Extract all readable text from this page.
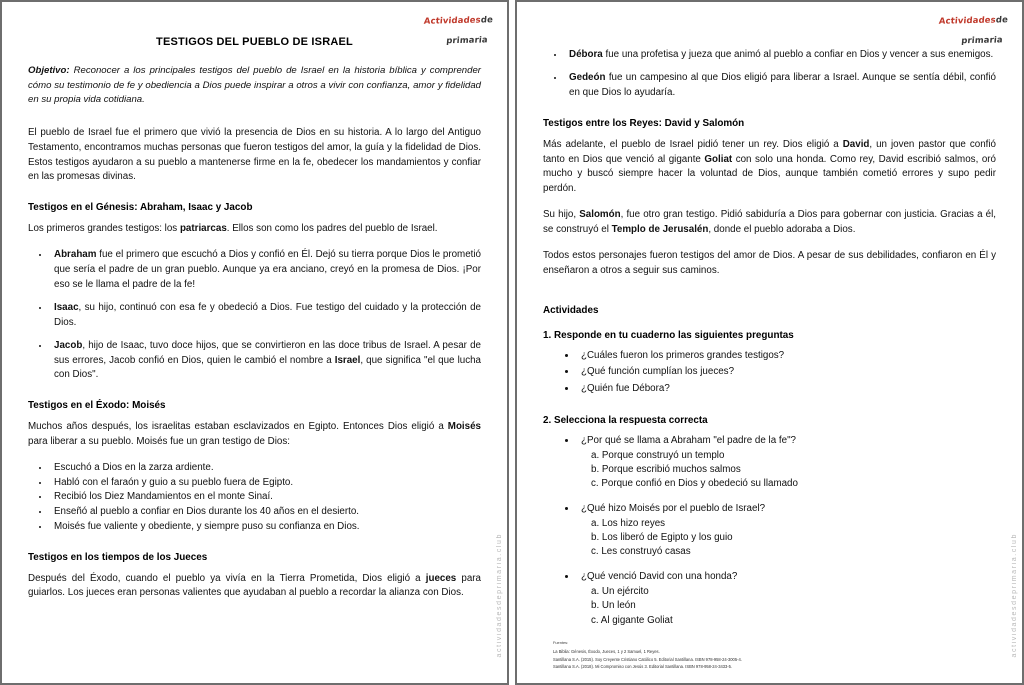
Actividadesde
primaria
TESTIGOS DEL PUEBLO DE ISRAEL

Objetivo: Reconocer a los principales testigos del pueblo de Israel en la historia bíblica y comprender cómo su testimonio de fe y obediencia a Dios puede inspirar a otros a vivir con confianza, amor y fidelidad en su propia vida cotidiana.

El pueblo de Israel fue el primero que vivió la presencia de Dios en su historia. A lo largo del Antiguo Testamento, encontramos muchas personas que fueron testigos del amor, la guía y la fidelidad de Dios. Estos testigos ayudaron a su pueblo a mantenerse firme en la fe, obedecer los mandamientos y confiar en las promesas divinas.

Testigos en el Génesis: Abraham, Isaac y Jacob

Los primeros grandes testigos: los patriarcas. Ellos son como los padres del pueblo de Israel.

• Abraham fue el primero que escuchó a Dios y confió en Él. Dejó su tierra porque Dios le prometió que sería el padre de un gran pueblo. Aunque ya era anciano, creyó en la promesa de Dios. ¡Por eso se le llama el padre de la fe!
• Isaac, su hijo, continuó con esa fe y obedeció a Dios. Fue testigo del cuidado y la protección de Dios.
• Jacob, hijo de Isaac, tuvo doce hijos, que se convirtieron en las doce tribus de Israel. A pesar de sus errores, Jacob confió en Dios, quien le cambió el nombre a Israel, que significa "el que lucha con Dios".
Testigos en el Éxodo: Moisés

Muchos años después, los israelitas estaban esclavizados en Egipto. Entonces Dios eligió a Moisés para liberar a su pueblo. Moisés fue un gran testigo de Dios:

• Escuchó a Dios en la zarza ardiente.
• Habló con el faraón y guio a su pueblo fuera de Egipto.
• Recibió los Diez Mandamientos en el monte Sinaí.
• Enseñó al pueblo a confiar en Dios durante los 40 años en el desierto.
• Moisés fue valiente y obediente, y siempre puso su confianza en Dios.
Testigos en los tiempos de los Jueces

Después del Éxodo, cuando el pueblo ya vivía en la Tierra Prometida, Dios eligió a jueces para guiarlos. Los jueces eran personas valientes que ayudaban al pueblo a recordar la alianza con Dios.	actividadesdeprimaria.club
Actividadesde
primaria
• Débora fue una profetisa y jueza que animó al pueblo a confiar en Dios y vencer a sus enemigos.
• Gedeón fue un campesino al que Dios eligió para liberar a Israel. Aunque se sentía débil, confió en que Dios lo ayudaría.
Testigos entre los Reyes: David y Salomón

Más adelante, el pueblo de Israel pidió tener un rey. Dios eligió a David, un joven pastor que confió tanto en Dios que venció al gigante Goliat con solo una honda. Como rey, David escribió salmos, oró mucho y buscó siempre hacer la voluntad de Dios, aunque también cometió errores y supo pedir perdón.

Su hijo, Salomón, fue otro gran testigo. Pidió sabiduría a Dios para gobernar con justicia. Gracias a él, se construyó el Templo de Jerusalén, donde el pueblo adoraba a Dios.

Todos estos personajes fueron testigos del amor de Dios. A pesar de sus debilidades, confiaron en Él y enseñaron a otros a seguir sus caminos.

Actividades
1. Responde en tu cuaderno las siguientes preguntas
• ¿Cuáles fueron los primeros grandes testigos?
• ¿Qué función cumplían los jueces?
• ¿Quién fue Débora?
2. Selecciona la respuesta correcta
• ¿Por qué se llama a Abraham "el padre de la fe"?
a. Porque construyó un templo
b. Porque escribió muchos salmos
c. Porque confió en Dios y obedeció su llamado
• ¿Qué hizo Moisés por el pueblo de Israel?
a. Los hizo reyes
b. Los liberó de Egipto y los guio
c. Les construyó casas
• ¿Qué venció David con una honda?
a. Un ejército
b. Un león
c. Al gigante Goliat
Fuentes:
La Biblia: Génesis, Éxodo, Jueces, 1 y 2 Samuel, 1 Reyes.
Santillana S.A. (2015). Soy Creyente Cristiano Católico 5. Editorial Santillana. ISBN 978-958-24-3005-4.
Santillana S.A. (2018). Mi Compromiso con Jesús 3. Editorial Santillana. ISBN 978-958-24-3433-5.
actividadesdeprimaria.club
